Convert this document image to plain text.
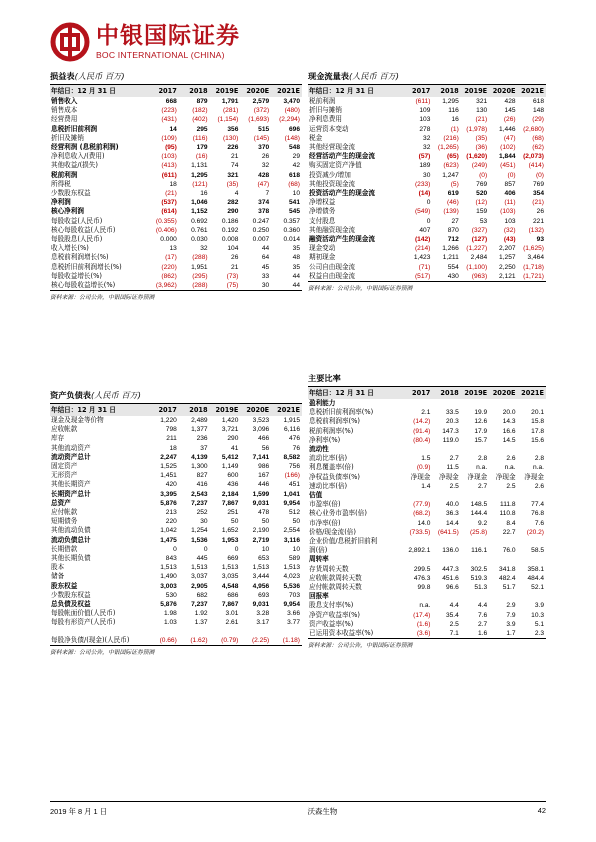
中银国际证券
BOC INTERNATIONAL (CHINA)
损益表(人民币 百万)
年结日：12 月 31 日	2017	2018	2019E	2020E	2021E
销售收入	668	879	1,791	2,579	3,470
销售成本	(223)	(182)	(281)	(372)	(480)
经营费用	(431)	(402)	(1,154)	(1,693)	(2,294)
息税折旧前利润	14	295	356	515	696
折旧及摊销	(109)	(116)	(130)	(145)	(148)
经营利润 (息税前利润)	(95)	179	226	370	548
净利息收入/(费用)	(103)	(16)	21	26	29
其他收益/(损失)	(413)	1,131	74	32	42
税前利润	(611)	1,295	321	428	618
所得税	18	(121)	(35)	(47)	(68)
少数股东权益	(21)	16	4	7	10
净利润	(537)	1,046	282	374	541
核心净利润	(614)	1,152	290	378	545
每股收益(人民币)	(0.355)	0.692	0.186	0.247	0.357
核心每股收益(人民币)	(0.406)	0.761	0.192	0.250	0.360
每股股息(人民币)	0.000	0.030	0.008	0.007	0.014
收入增长(%)	13	32	104	44	35
息税前利润增长(%)	(17)	(288)	26	64	48
息税折旧前利润增长(%)	(220)	1,951	21	45	35
每股收益增长(%)	(862)	(295)	(73)	33	44
核心每股收益增长(%)	(3,962)	(288)	(75)	30	44
资料来源：公司公告，中银国际证券预测
资产负债表(人民币 百万)
年结日：12 月 31 日	2017	2018	2019E	2020E	2021E
现金及现金等价物	1,220	2,489	1,420	3,523	1,915
应收帐款	798	1,377	3,721	3,096	6,116
库存	211	236	290	466	476
其他流动资产	18	37	41	56	76
流动资产总计	2,247	4,139	5,412	7,141	8,582
固定资产	1,525	1,300	1,149	986	756
无形资产	1,451	827	600	167	(166)
其他长期资产	420	416	436	446	451
长期资产总计	3,395	2,543	2,184	1,599	1,041
总资产	5,876	7,237	7,867	9,031	9,954
应付帐款	213	252	251	478	512
短期债务	220	30	50	50	50
其他流动负债	1,042	1,254	1,652	2,190	2,554
流动负债总计	1,475	1,536	1,953	2,719	3,116
长期借款	0	0	0	10	10
其他长期负债	843	445	669	653	589
股本	1,513	1,513	1,513	1,513	1,513
储备	1,490	3,037	3,035	3,444	4,023
股东权益	3,003	2,905	4,548	4,956	5,536
少数股东权益	530	682	686	693	703
总负债及权益	5,876	7,237	7,867	9,031	9,954
每股帐面价值(人民币)	1.98	1.92	3.01	3.28	3.66
每股有形资产(人民币)	1.03	1.37	2.61	3.17	3.77

每股净负债/(现金)(人民币)	(0.66)	(1.62)	(0.79)	(2.25)	(1.18)
资料来源：公司公告，中银国际证券预测
现金流量表(人民币 百万)
年结日：12 月 31 日	2017	2018	2019E	2020E	2021E
税前利润	(611)	1,295	321	428	618
折旧与摊销	109	116	130	145	148
净利息费用	103	16	(21)	(26)	(29)
运营资本变动	278	(1)	(1,978)	1,446	(2,680)
税金	32	(216)	(35)	(47)	(68)
其他经营现金流	32	(1,265)	(36)	(102)	(62)
经营活动产生的现金流	(57)	(65)	(1,620)	1,844	(2,073)
购买固定资产净值	189	(623)	(249)	(451)	(414)
投资减少/增加	30	1,247	(0)	(0)	(0)
其他投资现金流	(233)	(5)	769	857	769
投资活动产生的现金流	(14)	619	520	406	354
净增权益	0	(46)	(12)	(11)	(21)
净增债务	(549)	(139)	159	(103)	26
支付股息	0	27	53	103	221
其他融资现金流	407	870	(327)	(32)	(132)
融资活动产生的现金流	(142)	712	(127)	(43)	93
现金变动	(214)	1,266	(1,227)	2,207	(1,625)
期初现金	1,423	1,211	2,484	1,257	3,464
公司自由现金流	(71)	554	(1,100)	2,250	(1,718)
权益自由现金流	(517)	430	(963)	2,121	(1,721)
资料来源：公司公告，中银国际证券预测
主要比率
年结日：12 月 31 日	2017	2018	2019E	2020E	2021E
盈利能力					
息税折旧前利润率(%)	2.1	33.5	19.9	20.0	20.1
息税前利润率(%)	(14.2)	20.3	12.6	14.3	15.8
税前利润率(%)	(91.4)	147.3	17.9	16.6	17.8
净利率(%)	(80.4)	119.0	15.7	14.5	15.6
流动性					
流动比率(倍)	1.5	2.7	2.8	2.6	2.8
利息覆盖率(倍)	(0.9)	11.5	n.a.	n.a.	n.a.
净权益负债率(%)	净现金	净现金	净现金	净现金	净现金
速动比率(倍)	1.4	2.5	2.7	2.5	2.6
估值					
市盈率(倍)	(77.9)	40.0	148.5	111.8	77.4
核心业务市盈率(倍)	(68.2)	36.3	144.4	110.8	76.8
市净率(倍)	14.0	14.4	9.2	8.4	7.6
价格/现金流(倍)	(733.5)	(641.5)	(25.8)	22.7	(20.2)
企业价值/息税折旧前利					
润(倍)	2,892.1	136.0	116.1	76.0	58.5
周转率					
存货周转天数	299.5	447.3	302.5	341.8	358.1
应收帐款周转天数	476.3	451.6	519.3	482.4	484.4
应付帐款周转天数	99.8	96.6	51.3	51.7	52.1
回报率					
股息支付率(%)	n.a.	4.4	4.4	2.9	3.9
净资产收益率(%)	(17.4)	35.4	7.6	7.9	10.3
资产收益率(%)	(1.6)	2.5	2.7	3.9	5.1
已运用资本收益率(%)	(3.6)	7.1	1.6	1.7	2.3
资料来源：公司公告，中银国际证券预测
2019 年 8 月 1 日	沃森生物	42
